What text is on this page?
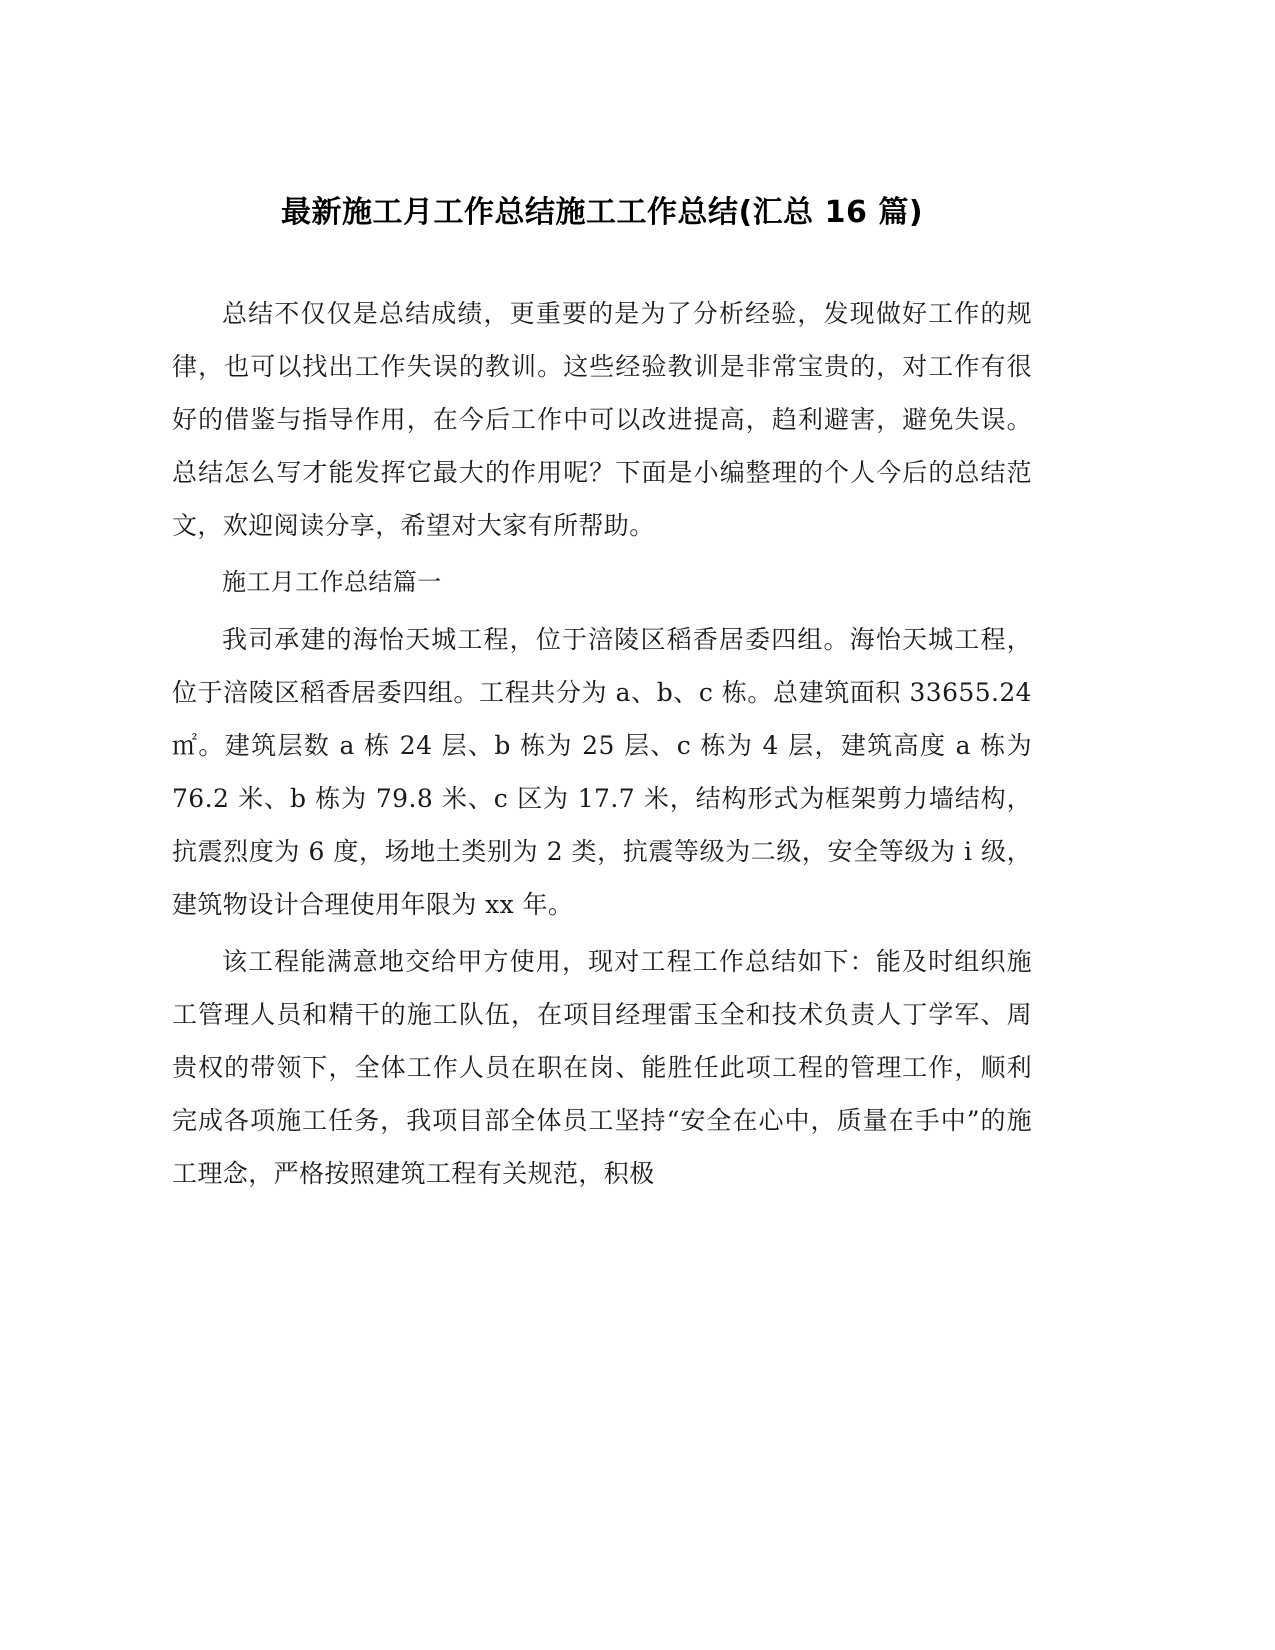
最新施工月工作总结施工工作总结(汇总 16 篇)

总结不仅仅是总结成绩，更重要的是为了分析经验，发现做好工作的规律，也可以找出工作失误的教训。这些经验教训是非常宝贵的，对工作有很好的借鉴与指导作用，在今后工作中可以改进提高，趋利避害，避免失误。总结怎么写才能发挥它最大的作用呢？下面是小编整理的个人今后的总结范文，欢迎阅读分享，希望对大家有所帮助。

施工月工作总结篇一

我司承建的海怡天城工程，位于涪陵区稻香居委四组。海怡天城工程，位于涪陵区稻香居委四组。工程共分为 a、b、c 栋。总建筑面积 33655.24㎡。建筑层数 a 栋 24 层、b 栋为 25 层、c 栋为 4 层，建筑高度 a 栋为 76.2 米、b 栋为 79.8 米、c 区为 17.7 米，结构形式为框架剪力墙结构，抗震烈度为 6 度，场地土类别为 2 类，抗震等级为二级，安全等级为 i 级，建筑物设计合理使用年限为 xx 年。

该工程能满意地交给甲方使用，现对工程工作总结如下：能及时组织施工管理人员和精干的施工队伍，在项目经理雷玉全和技术负责人丁学军、周贵权的带领下，全体工作人员在职在岗、能胜任此项工程的管理工作，顺利完成各项施工任务，我项目部全体员工坚持“安全在心中，质量在手中”的施工理念，严格按照建筑工程有关规范，积极
